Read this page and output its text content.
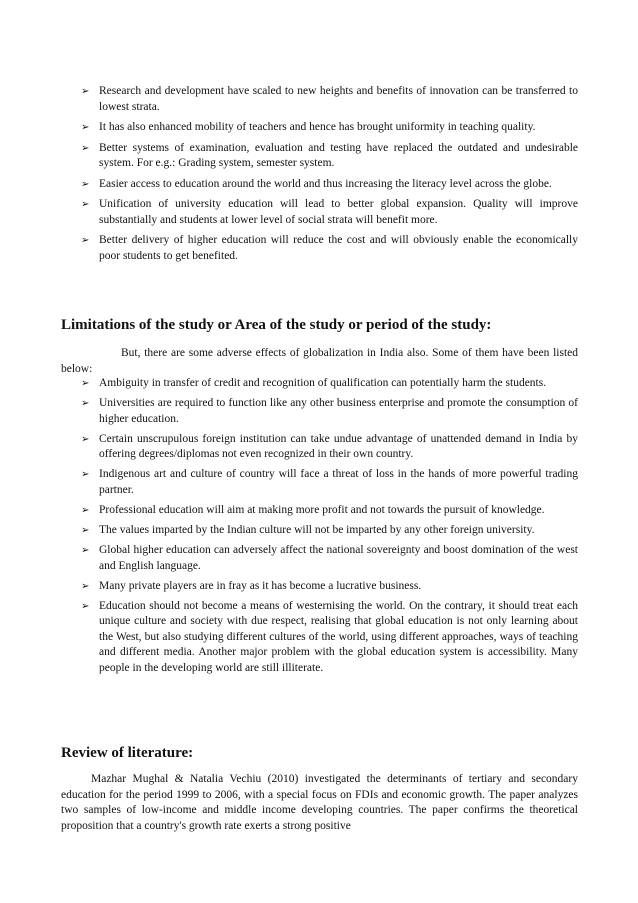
➢ Research and development have scaled to new heights and benefits of innovation can be transferred to lowest strata.
➢ It has also enhanced mobility of teachers and hence has brought uniformity in teaching quality.
➢ Better systems of examination, evaluation and testing have replaced the outdated and undesirable system. For e.g.: Grading system, semester system.
➢ Easier access to education around the world and thus increasing the literacy level across the globe.
➢ Unification of university education will lead to better global expansion. Quality will improve substantially and students at lower level of social strata will benefit more.
➢ Better delivery of higher education will reduce the cost and will obviously enable the economically poor students to get benefited.
Limitations of the study or Area of the study or period of the study:

But, there are some adverse effects of globalization in India also. Some of them have been listed below:

➢ Ambiguity in transfer of credit and recognition of qualification can potentially harm the students.
➢ Universities are required to function like any other business enterprise and promote the consumption of higher education.
➢ Certain unscrupulous foreign institution can take undue advantage of unattended demand in India by offering degrees/diplomas not even recognized in their own country.
➢ Indigenous art and culture of country will face a threat of loss in the hands of more powerful trading partner.
➢ Professional education will aim at making more profit and not towards the pursuit of knowledge.
➢ The values imparted by the Indian culture will not be imparted by any other foreign university.
➢ Global higher education can adversely affect the national sovereignty and boost domination of the west and English language.
➢ Many private players are in fray as it has become a lucrative business.
➢ Education should not become a means of westernising the world. On the contrary, it should treat each unique culture and society with due respect, realising that global education is not only learning about the West, but also studying different cultures of the world, using different approaches, ways of teaching and different media. Another major problem with the global education system is accessibility. Many people in the developing world are still illiterate.
Review of literature:

Mazhar Mughal & Natalia Vechiu (2010) investigated the determinants of tertiary and secondary education for the period 1999 to 2006, with a special focus on FDIs and economic growth. The paper analyzes two samples of low-income and middle income developing countries. The paper confirms the theoretical proposition that a country's growth rate exerts a strong positive
